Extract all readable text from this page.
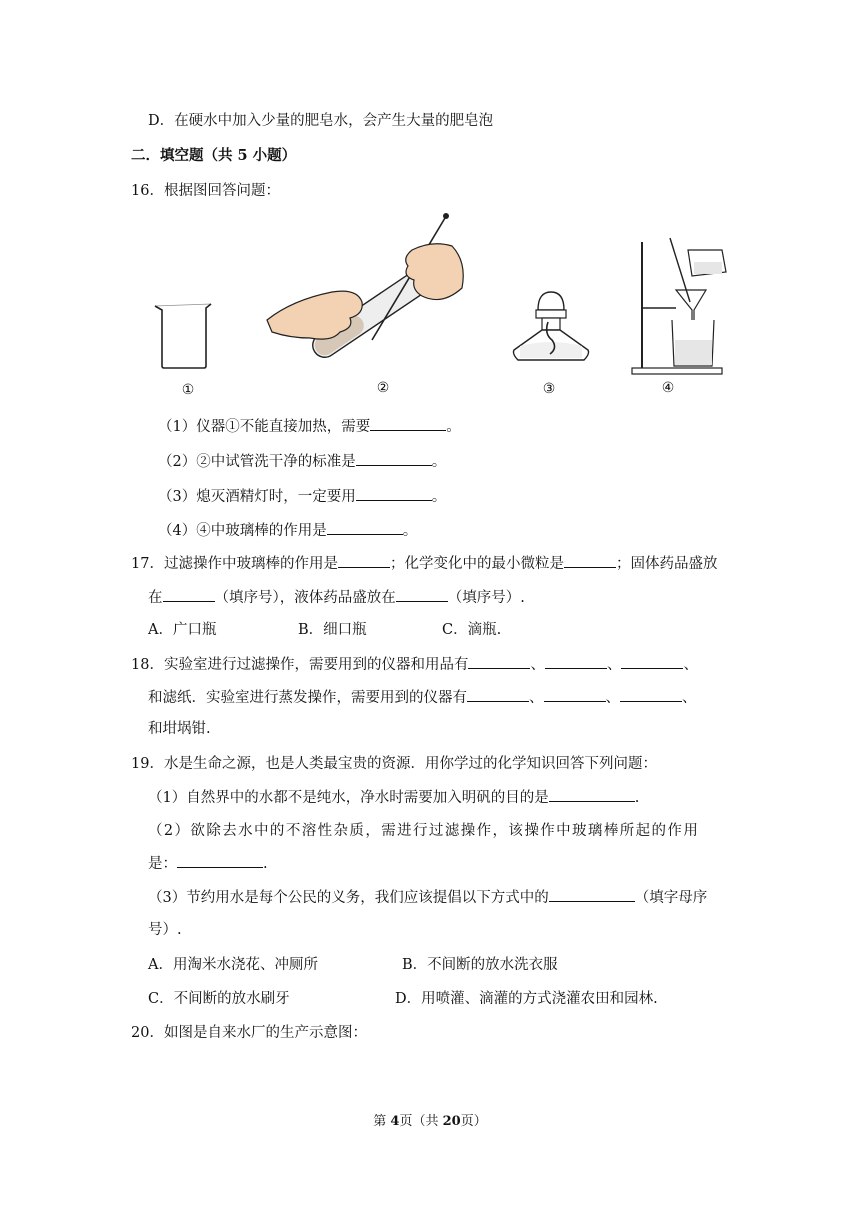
D．在硬水中加入少量的肥皂水，会产生大量的肥皂泡
二．填空题（共 5 小题）
16．根据图回答问题：
①	②	③	④
（1）仪器①不能直接加热，需要	。
（2）②中试管洗干净的标准是	。
（3）熄灭酒精灯时，一定要用	。
（4）④中玻璃棒的作用是	。
17．过滤操作中玻璃棒的作用是	；化学变化中的最小微粒是	；固体药品盛放
在	（填序号），液体药品盛放在	（填序号）.
A．广口瓶	B．细口瓶	C．滴瓶.
18．实验室进行过滤操作，需要用到的仪器和用品有	、	、	、
和滤纸．实验室进行蒸发操作，需要用到的仪器有	、	、	、
和坩埚钳.
19．水是生命之源，也是人类最宝贵的资源．用你学过的化学知识回答下列问题：
（1）自然界中的水都不是纯水，净水时需要加入明矾的目的是	.
（2）欲除去水中的不溶性杂质，需进行过滤操作，该操作中玻璃棒所起的作用
是：	.
（3）节约用水是每个公民的义务，我们应该提倡以下方式中的	（填字母序
号）.
A．用淘米水浇花、冲厕所	B．不间断的放水洗衣服
C．不间断的放水刷牙	D．用喷灌、滴灌的方式浇灌农田和园林.
20．如图是自来水厂的生产示意图：
第 4页（共 20页）
